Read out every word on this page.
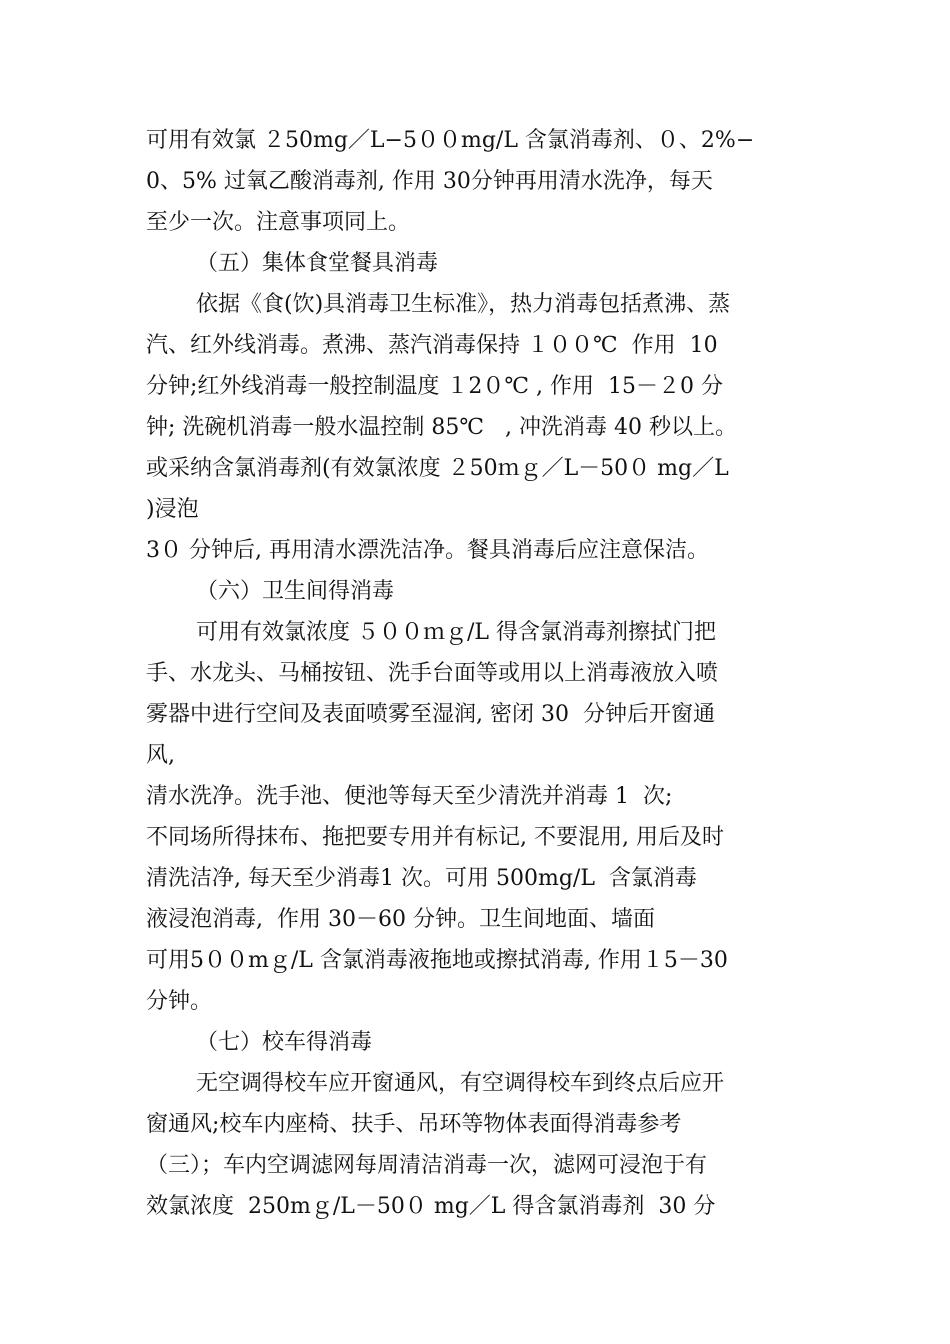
可用有效氯 ２50mg／L−5００mg/L 含氯消毒剂、０、2%−
0、5% 过氧乙酸消毒剂, 作用 30分钟再用清水洗净，每天
至少一次。注意事项同上。
（五）集体食堂餐具消毒
依据《食(饮)具消毒卫生标准》，热力消毒包括煮沸、蒸
汽、红外线消毒。煮沸、蒸汽消毒保持 １００℃  作用  10
分钟;红外线消毒一般控制温度 １2０℃ , 作用  15－２0 分
钟; 洗碗机消毒一般水温控制 85℃   , 冲洗消毒 40 秒以上。
或采纳含氯消毒剂(有效氯浓度 ２50ｍｇ／L－50０ mg／L
)浸泡
3０ 分钟后, 再用清水漂洗洁净。餐具消毒后应注意保洁。
（六）卫生间得消毒
可用有效氯浓度 ５００ｍｇ/L 得含氯消毒剂擦拭门把
手、水龙头、马桶按钮、洗手台面等或用以上消毒液放入喷
雾器中进行空间及表面喷雾至湿润, 密闭 30  分钟后开窗通
风,
清水洗净。洗手池、便池等每天至少清洗并消毒 1  次;
不同场所得抹布、拖把要专用并有标记, 不要混用, 用后及时
清洗洁净, 每天至少消毒1 次。可用 500mg/L  含氯消毒
液浸泡消毒,  作用 30－60 分钟。卫生间地面、墙面
可用5００mｇ/L 含氯消毒液拖地或擦拭消毒, 作用１5－30
分钟。
（七）校车得消毒
无空调得校车应开窗通风，有空调得校车到终点后应开
窗通风;校车内座椅、扶手、吊环等物体表面得消毒参考
（三）；车内空调滤网每周清洁消毒一次，滤网可浸泡于有
效氯浓度  250mｇ/L－50０ mg／L 得含氯消毒剂  30 分
